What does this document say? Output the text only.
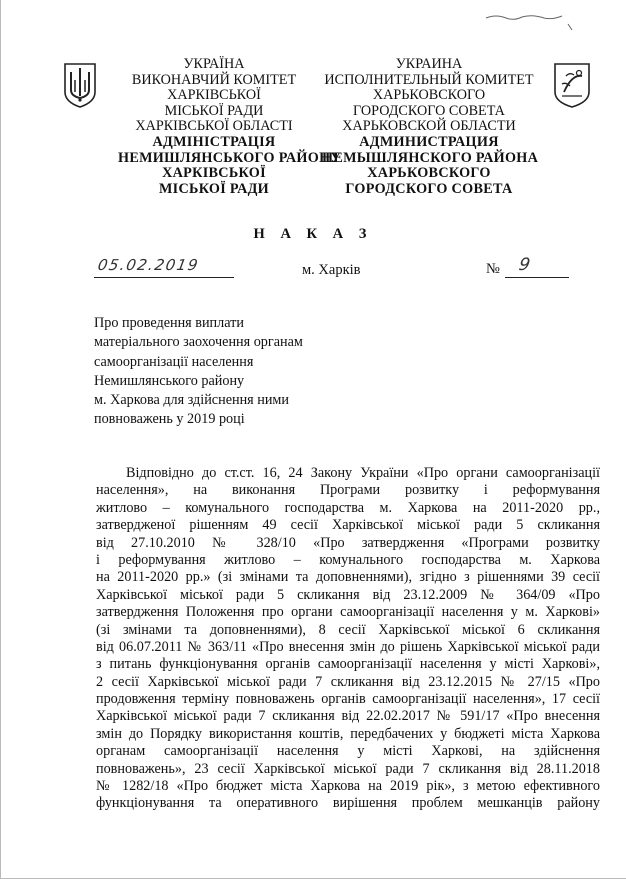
УКРАЇНА
ВИКОНАВЧИЙ КОМІТЕТ
ХАРКІВСЬКОЇ
МІСЬКОЇ РАДИ
ХАРКІВСЬКОЇ ОБЛАСТІ
АДМІНІСТРАЦІЯ
НЕМИШЛЯНСЬКОГО РАЙОНУ
ХАРКІВСЬКОЇ
МІСЬКОЇ РАДИ
УКРАИНА
ИСПОЛНИТЕЛЬНЫЙ КОМИТЕТ
ХАРЬКОВСКОГО
ГОРОДСКОГО СОВЕТА
ХАРЬКОВСКОЙ ОБЛАСТИ
АДМИНИСТРАЦИЯ
НЕМЫШЛЯНСКОГО РАЙОНА
ХАРЬКОВСКОГО
ГОРОДСКОГО СОВЕТА
Н А К А З
05.02.2019	м. Харків	№ 9
Про проведення виплати
матеріального заохочення органам
самоорганізації населення
Немишлянського району
м. Харкова для здійснення ними
повноважень у 2019 році
Відповідно до ст.ст. 16, 24 Закону України «Про органи самоорганізації
населення», на виконання Програми розвитку і реформування
житлово – комунального господарства м. Харкова на 2011-2020 рр.,
затвердженої рішенням 49 сесії Харківської міської ради 5 скликання
від 27.10.2010 № 328/10 «Про затвердження «Програми розвитку
і реформування житлово – комунального господарства м. Харкова
на 2011-2020 рр.» (зі змінами та доповненнями), згідно з рішеннями 39 сесії
Харківської міської ради 5 скликання від 23.12.2009 № 364/09 «Про
затвердження Положення про органи самоорганізації населення у м. Харкові»
(зі змінами та доповненнями), 8 сесії Харківської міської 6 скликання
від 06.07.2011 № 363/11 «Про внесення змін до рішень Харківської міської ради
з питань функціонування органів самоорганізації населення у місті Харкові»,
2 сесії Харківської міської ради 7 скликання від 23.12.2015 № 27/15 «Про
продовження терміну повноважень органів самоорганізації населення», 17 сесії
Харківської міської ради 7 скликання від 22.02.2017 № 591/17 «Про внесення
змін до Порядку використання коштів, передбачених у бюджеті міста Харкова
органам самоорганізації населення у місті Харкові, на здійснення
повноважень», 23 сесії Харківської міської ради 7 скликання від 28.11.2018
№ 1282/18 «Про бюджет міста Харкова на 2019 рік», з метою ефективного
функціонування та оперативного вирішення проблем мешканців району
